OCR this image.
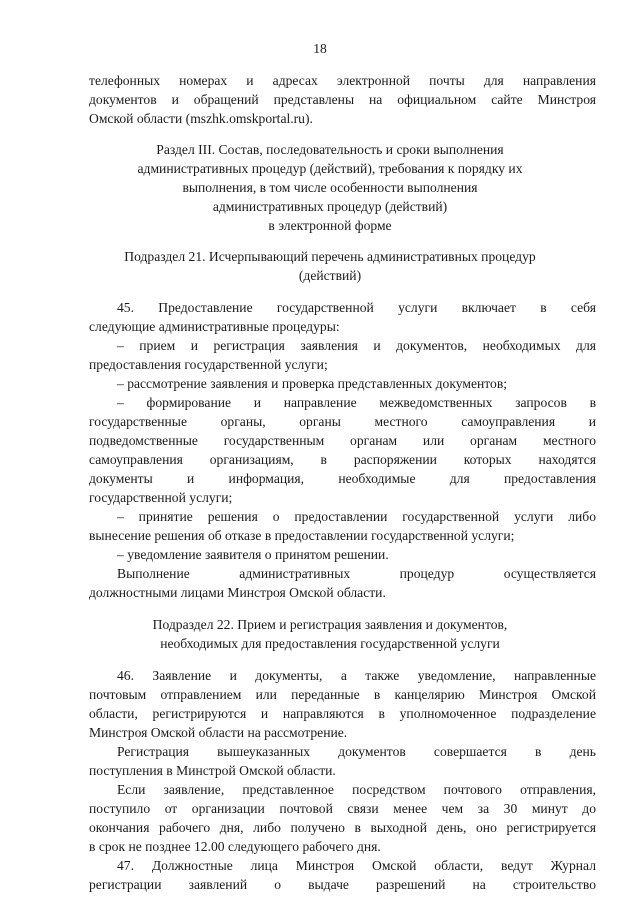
18
телефонных номерах и адресах электронной почты для направления
документов и обращений представлены на официальном сайте Минстроя
Омской области (mszhk.omskportal.ru).
Раздел III. Состав, последовательность и сроки выполнения
административных процедур (действий), требования к порядку их
выполнения, в том числе особенности выполнения
административных процедур (действий)
в электронной форме
Подраздел 21. Исчерпывающий перечень административных процедур
(действий)
45. Предоставление государственной услуги включает в себя
следующие административные процедуры:
– прием и регистрация заявления и документов, необходимых для
предоставления государственной услуги;
– рассмотрение заявления и проверка представленных документов;
– формирование и направление межведомственных запросов в
государственные органы, органы местного самоуправления и
подведомственные государственным органам или органам местного
самоуправления организациям, в распоряжении которых находятся
документы и информация, необходимые для предоставления
государственной услуги;
– принятие решения о предоставлении государственной услуги либо
вынесение решения об отказе в предоставлении государственной услуги;
– уведомление заявителя о принятом решении.
Выполнение административных процедур осуществляется
должностными лицами Минстроя Омской области.
Подраздел 22. Прием и регистрация заявления и документов,
необходимых для предоставления государственной услуги
46. Заявление и документы, а также уведомление, направленные
почтовым отправлением или переданные в канцелярию Минстроя Омской
области, регистрируются и направляются в уполномоченное подразделение
Минстроя Омской области на рассмотрение.
Регистрация вышеуказанных документов совершается в день
поступления в Минстрой Омской области.
Если заявление, представленное посредством почтового отправления,
поступило от организации почтовой связи менее чем за 30 минут до
окончания рабочего дня, либо получено в выходной день, оно регистрируется
в срок не позднее 12.00 следующего рабочего дня.
47. Должностные лица Минстроя Омской области, ведут Журнал
регистрации заявлений о выдаче разрешений на строительство
